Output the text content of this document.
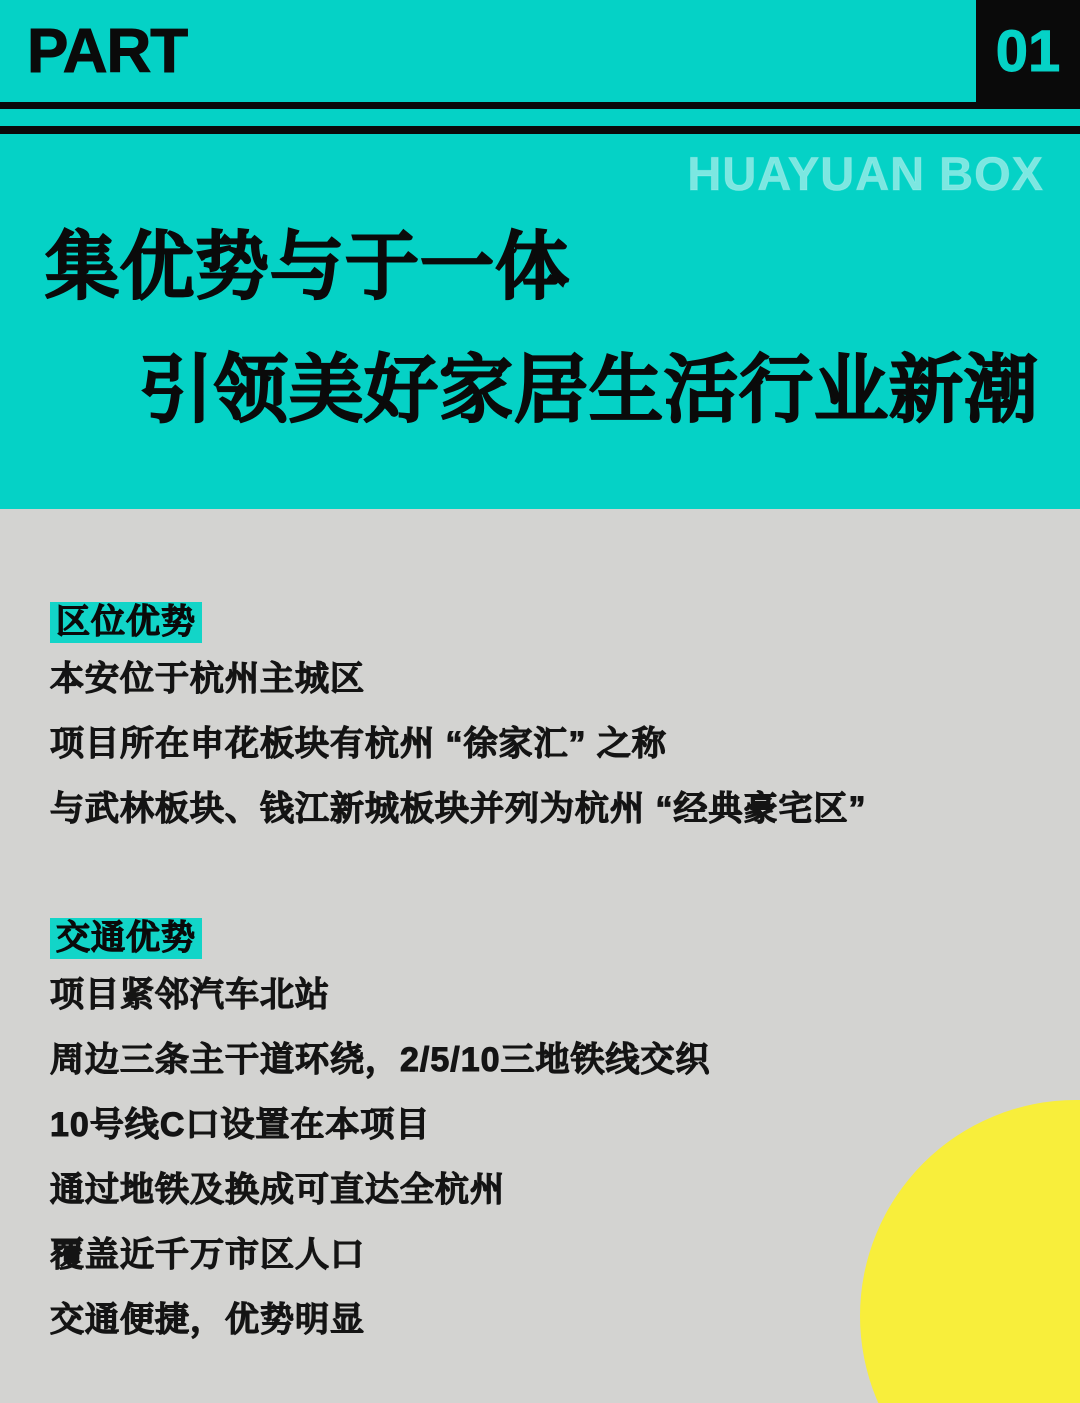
PART	01
HUAYUAN BOX
集优势与于一体
引领美好家居生活行业新潮
区位优势
本安位于杭州主城区
项目所在申花板块有杭州 “徐家汇” 之称
与武林板块、钱江新城板块并列为杭州 “经典豪宅区”
交通优势
项目紧邻汽车北站
周边三条主干道环绕，2/5/10三地铁线交织
10号线C口设置在本项目
通过地铁及换成可直达全杭州
覆盖近千万市区人口
交通便捷，优势明显
